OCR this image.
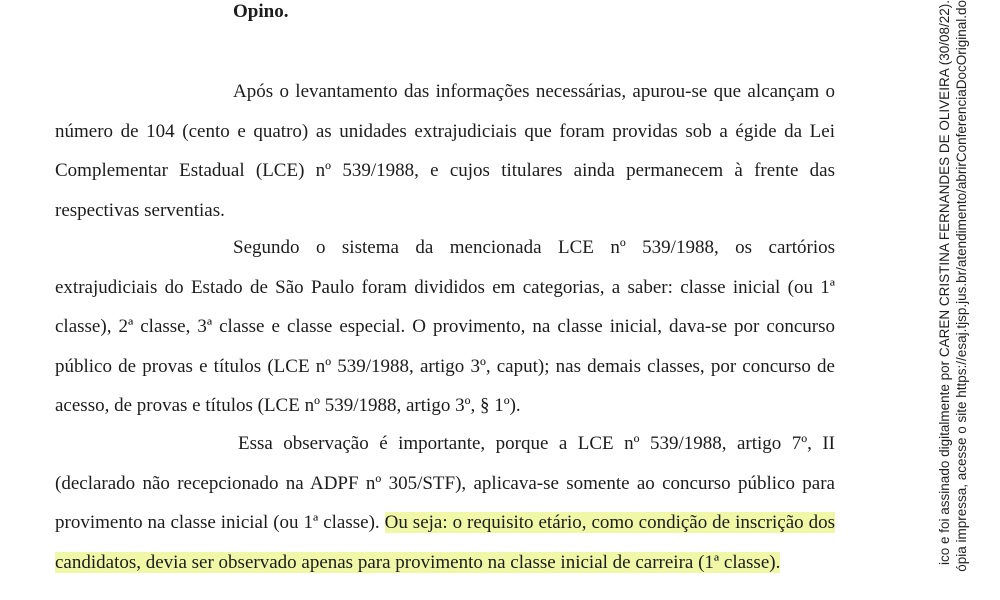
Opino.

Após o levantamento das informações necessárias, apurou-se que alcançam o número de 104 (cento e quatro) as unidades extrajudiciais que foram providas sob a égide da Lei Complementar Estadual (LCE) nº 539/1988, e cujos titulares ainda permanecem à frente das respectivas serventias.

Segundo o sistema da mencionada LCE nº 539/1988, os cartórios extrajudiciais do Estado de São Paulo foram divididos em categorias, a saber: classe inicial (ou 1ª classe), 2ª classe, 3ª classe e classe especial. O provimento, na classe inicial, dava-se por concurso público de provas e títulos (LCE nº 539/1988, artigo 3º, caput); nas demais classes, por concurso de acesso, de provas e títulos (LCE nº 539/1988, artigo 3º, § 1º).

Essa observação é importante, porque a LCE nº 539/1988, artigo 7º, II (declarado não recepcionado na ADPF nº 305/STF), aplicava-se somente ao concurso público para provimento na classe inicial (ou 1ª classe). Ou seja: o requisito etário, como condição de inscrição dos candidatos, devia ser observado apenas para provimento na classe inicial de carreira (1ª classe).	ico e foi assinado digitalmente por CAREN CRISTINA FERNANDES DE OLIVEIRA (30/08/22). ópia impressa, acesse o site https://esaj.tjsp.jus.br/atendimento/abrirConferenciaDocOriginal.do
